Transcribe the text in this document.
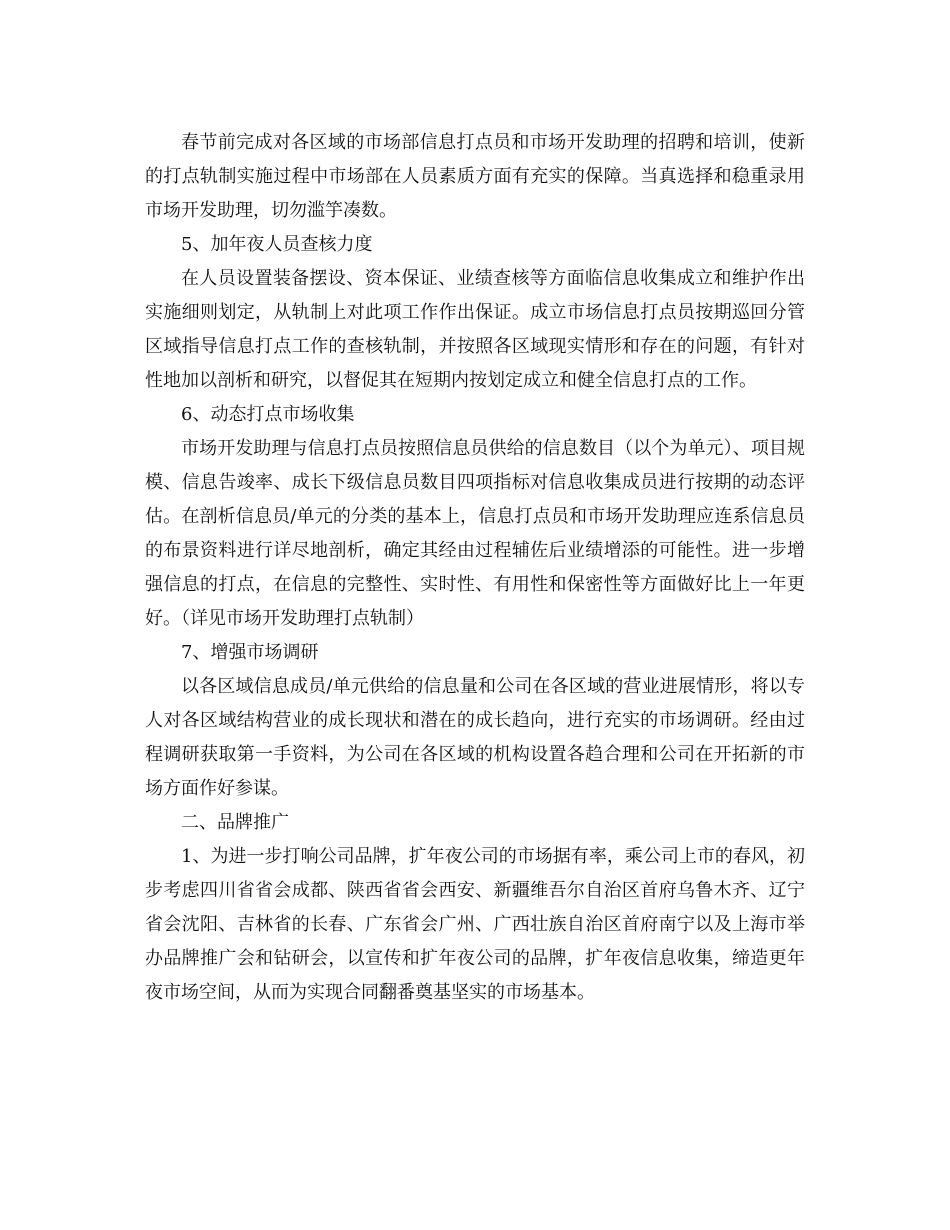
春节前完成对各区域的市场部信息打点员和市场开发助理的招聘和培训，使新的打点轨制实施过程中市场部在人员素质方面有充实的保障。当真选择和稳重录用市场开发助理，切勿滥竽凑数。

5、加年夜人员查核力度

在人员设置装备摆设、资本保证、业绩查核等方面临信息收集成立和维护作出实施细则划定，从轨制上对此项工作作出保证。成立市场信息打点员按期巡回分管区域指导信息打点工作的查核轨制，并按照各区域现实情形和存在的问题，有针对性地加以剖析和研究，以督促其在短期内按划定成立和健全信息打点的工作。

6、动态打点市场收集

市场开发助理与信息打点员按照信息员供给的信息数目（以个为单元）、项目规模、信息告竣率、成长下级信息员数目四项指标对信息收集成员进行按期的动态评估。在剖析信息员/单元的分类的基本上，信息打点员和市场开发助理应连系信息员的布景资料进行详尽地剖析，确定其经由过程辅佐后业绩增添的可能性。进一步增强信息的打点，在信息的完整性、实时性、有用性和保密性等方面做好比上一年更好。（详见市场开发助理打点轨制）

7、增强市场调研

以各区域信息成员/单元供给的信息量和公司在各区域的营业进展情形，将以专人对各区域结构营业的成长现状和潜在的成长趋向，进行充实的市场调研。经由过程调研获取第一手资料，为公司在各区域的机构设置各趋合理和公司在开拓新的市场方面作好参谋。

二、品牌推广

1、为进一步打响公司品牌，扩年夜公司的市场据有率，乘公司上市的春风，初步考虑四川省省会成都、陕西省省会西安、新疆维吾尔自治区首府乌鲁木齐、辽宁省会沈阳、吉林省的长春、广东省会广州、广西壮族自治区首府南宁以及上海市举办品牌推广会和钻研会，以宣传和扩年夜公司的品牌，扩年夜信息收集，缔造更年夜市场空间，从而为实现合同翻番奠基坚实的市场基本。
